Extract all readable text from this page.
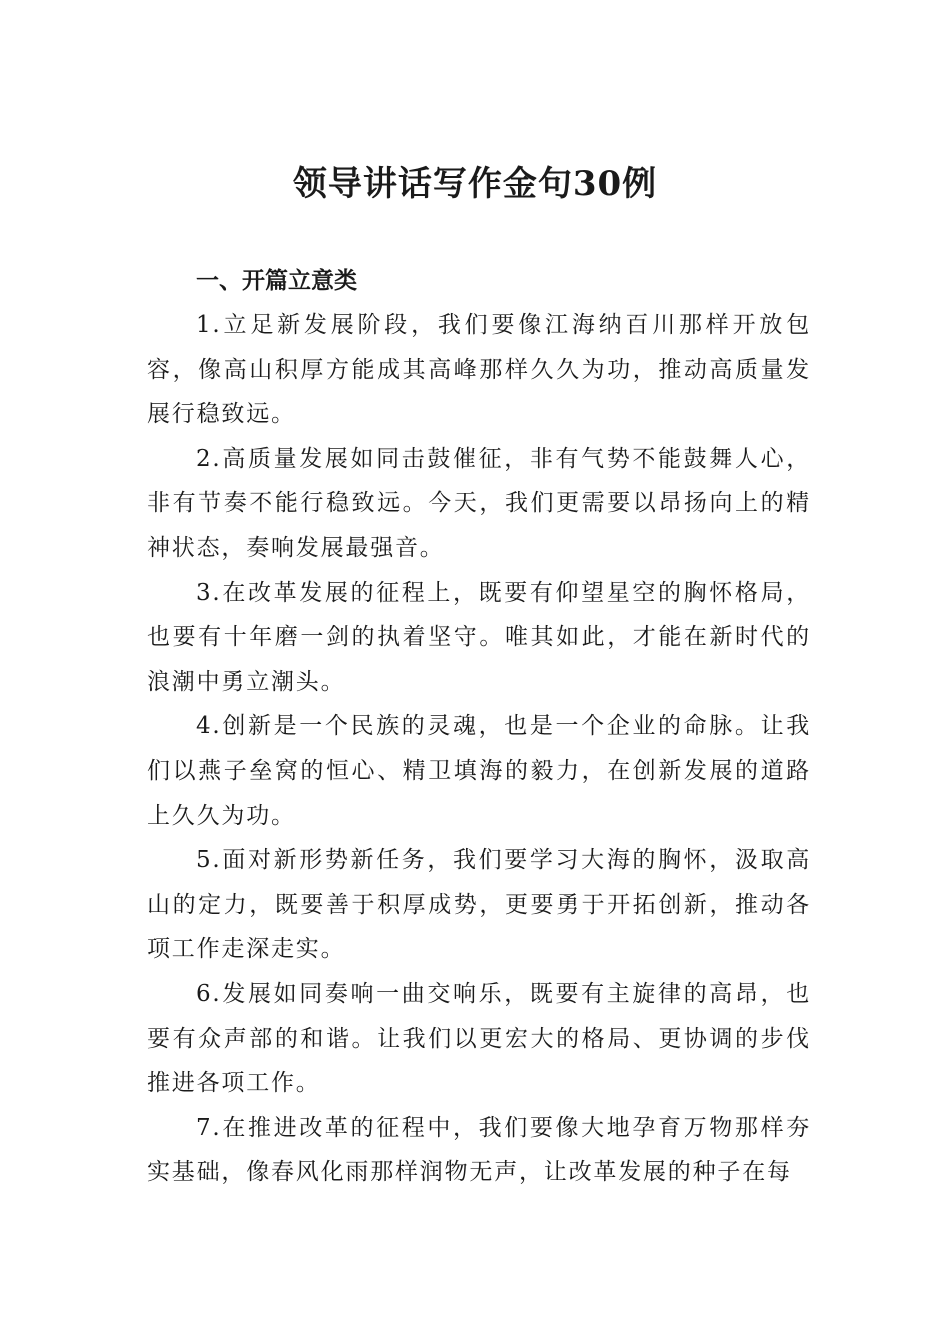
领导讲话写作金句30例
一、开篇立意类

1.立足新发展阶段，我们要像江海纳百川那样开放包容，像高山积厚方能成其高峰那样久久为功，推动高质量发展行稳致远。

2.高质量发展如同击鼓催征，非有气势不能鼓舞人心，非有节奏不能行稳致远。今天，我们更需要以昂扬向上的精神状态，奏响发展最强音。

3.在改革发展的征程上，既要有仰望星空的胸怀格局，也要有十年磨一剑的执着坚守。唯其如此，才能在新时代的浪潮中勇立潮头。

4.创新是一个民族的灵魂，也是一个企业的命脉。让我们以燕子垒窝的恒心、精卫填海的毅力，在创新发展的道路上久久为功。

5.面对新形势新任务，我们要学习大海的胸怀，汲取高山的定力，既要善于积厚成势，更要勇于开拓创新，推动各项工作走深走实。

6.发展如同奏响一曲交响乐，既要有主旋律的高昂，也要有众声部的和谐。让我们以更宏大的格局、更协调的步伐推进各项工作。

7.在推进改革的征程中，我们要像大地孕育万物那样夯实基础，像春风化雨那样润物无声，让改革发展的种子在每
